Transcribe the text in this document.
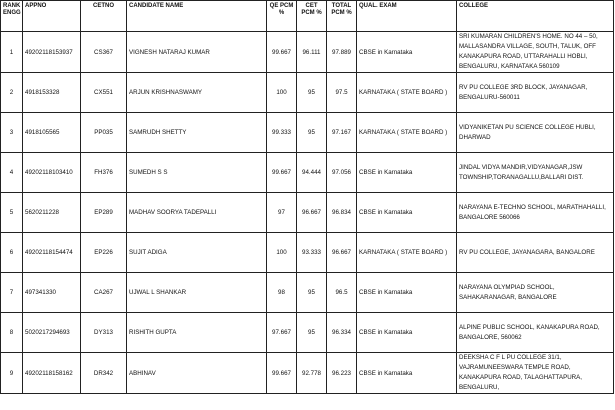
RANK ENGG	APPNO	CETNO	CANDIDATE NAME	QE PCM %	CET PCM %	TOTAL PCM %	QUAL. EXAM	COLLEGE
1	49202118153937	CS367	VIGNESH NATARAJ KUMAR	99.667	96.111	97.889	CBSE in Karnataka	SRI KUMARAN CHILDREN'S HOME. NO 44 – 50, MALLASANDRA VILLAGE, SOUTH, TALUK, OFF KANAKAPURA ROAD, UTTARAHALLI HOBLI, BENGALURU, KARNATAKA 560109
2	4918153328	CX551	ARJUN KRISHNASWAMY	100	95	97.5	KARNATAKA ( STATE BOARD )	RV PU COLLEGE 3RD BLOCK, JAYANAGAR, BENGALURU-560011
3	4918105565	PP035	SAMRUDH SHETTY	99.333	95	97.167	KARNATAKA ( STATE BOARD )	VIDYANIKETAN PU SCIENCE COLLEGE HUBLI, DHARWAD
4	49202118103410	FH376	SUMEDH S S	99.667	94.444	97.056	CBSE in Karnataka	JINDAL VIDYA MANDIR,VIDYANAGAR,JSW TOWNSHIP,TORANAGALLU,BALLARI DIST.
5	5620211228	EP289	MADHAV SOORYA TADEPALLI	97	96.667	96.834	CBSE in Karnataka	NARAYANA E-TECHNO SCHOOL, MARATHAHALLI, BANGALORE 560066
6	49202118154474	EP226	SUJIT ADIGA	100	93.333	96.667	KARNATAKA ( STATE BOARD )	RV PU COLLEGE, JAYANAGARA, BANGALORE
7	497341330	CA267	UJWAL L SHANKAR	98	95	96.5	CBSE in Karnataka	NARAYANA OLYMPIAD SCHOOL, SAHAKARANAGAR, BANGALORE
8	5020217294693	DY313	RISHITH GUPTA	97.667	95	96.334	CBSE in Karnataka	ALPINE PUBLIC SCHOOL, KANAKAPURA ROAD, BANGALORE, 560062
9	49202118158162	DR342	ABHINAV	99.667	92.778	96.223	CBSE in Karnataka	DEEKSHA C F L PU COLLEGE 31/1, VAJRAMUNEESWARA TEMPLE ROAD, KANAKAPURA ROAD, TALAGHATTAPURA, BENGALURU,
